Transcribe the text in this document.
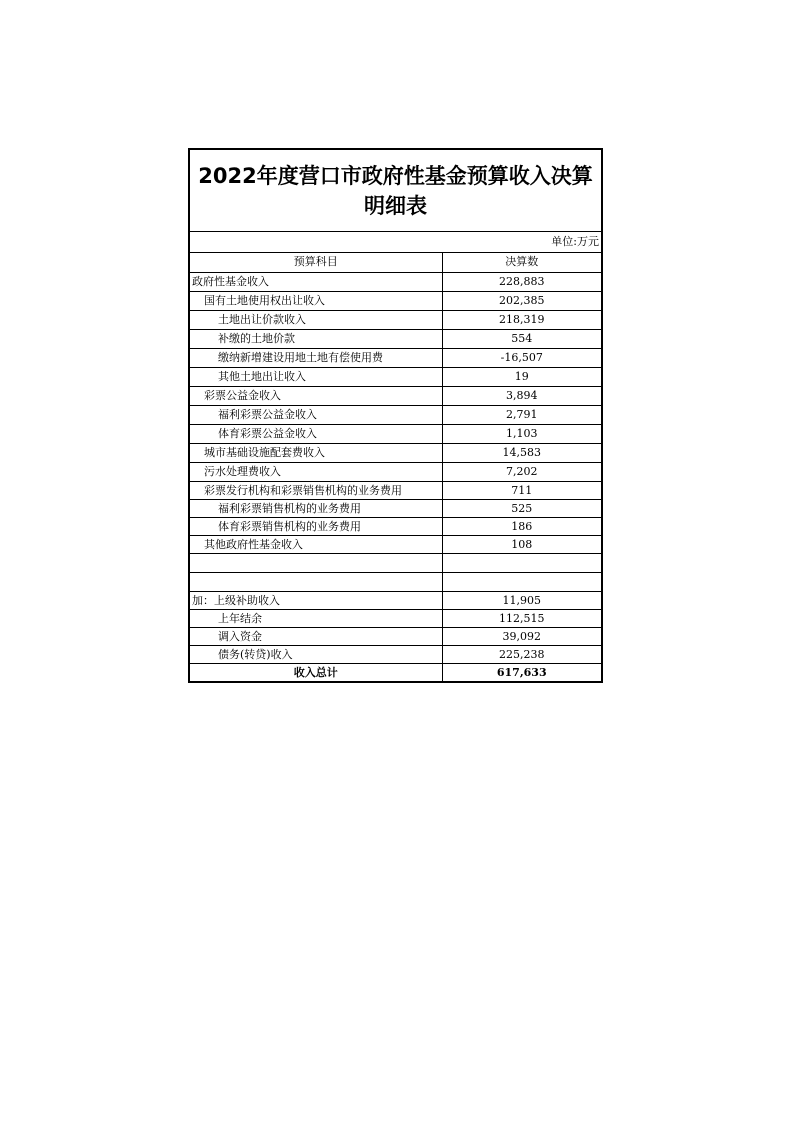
2022年度营口市政府性基金预算收入决算明细表
单位:万元
预算科目	决算数
政府性基金收入	228,883
国有土地使用权出让收入	202,385
土地出让价款收入	218,319
补缴的土地价款	554
缴纳新增建设用地土地有偿使用费	-16,507
其他土地出让收入	19
彩票公益金收入	3,894
福利彩票公益金收入	2,791
体育彩票公益金收入	1,103
城市基础设施配套费收入	14,583
污水处理费收入	7,202
彩票发行机构和彩票销售机构的业务费用	711
福利彩票销售机构的业务费用	525
体育彩票销售机构的业务费用	186
其他政府性基金收入	108

加：上级补助收入	11,905
上年结余	112,515
调入资金	39,092
债务(转贷)收入	225,238
收入总计	617,633
